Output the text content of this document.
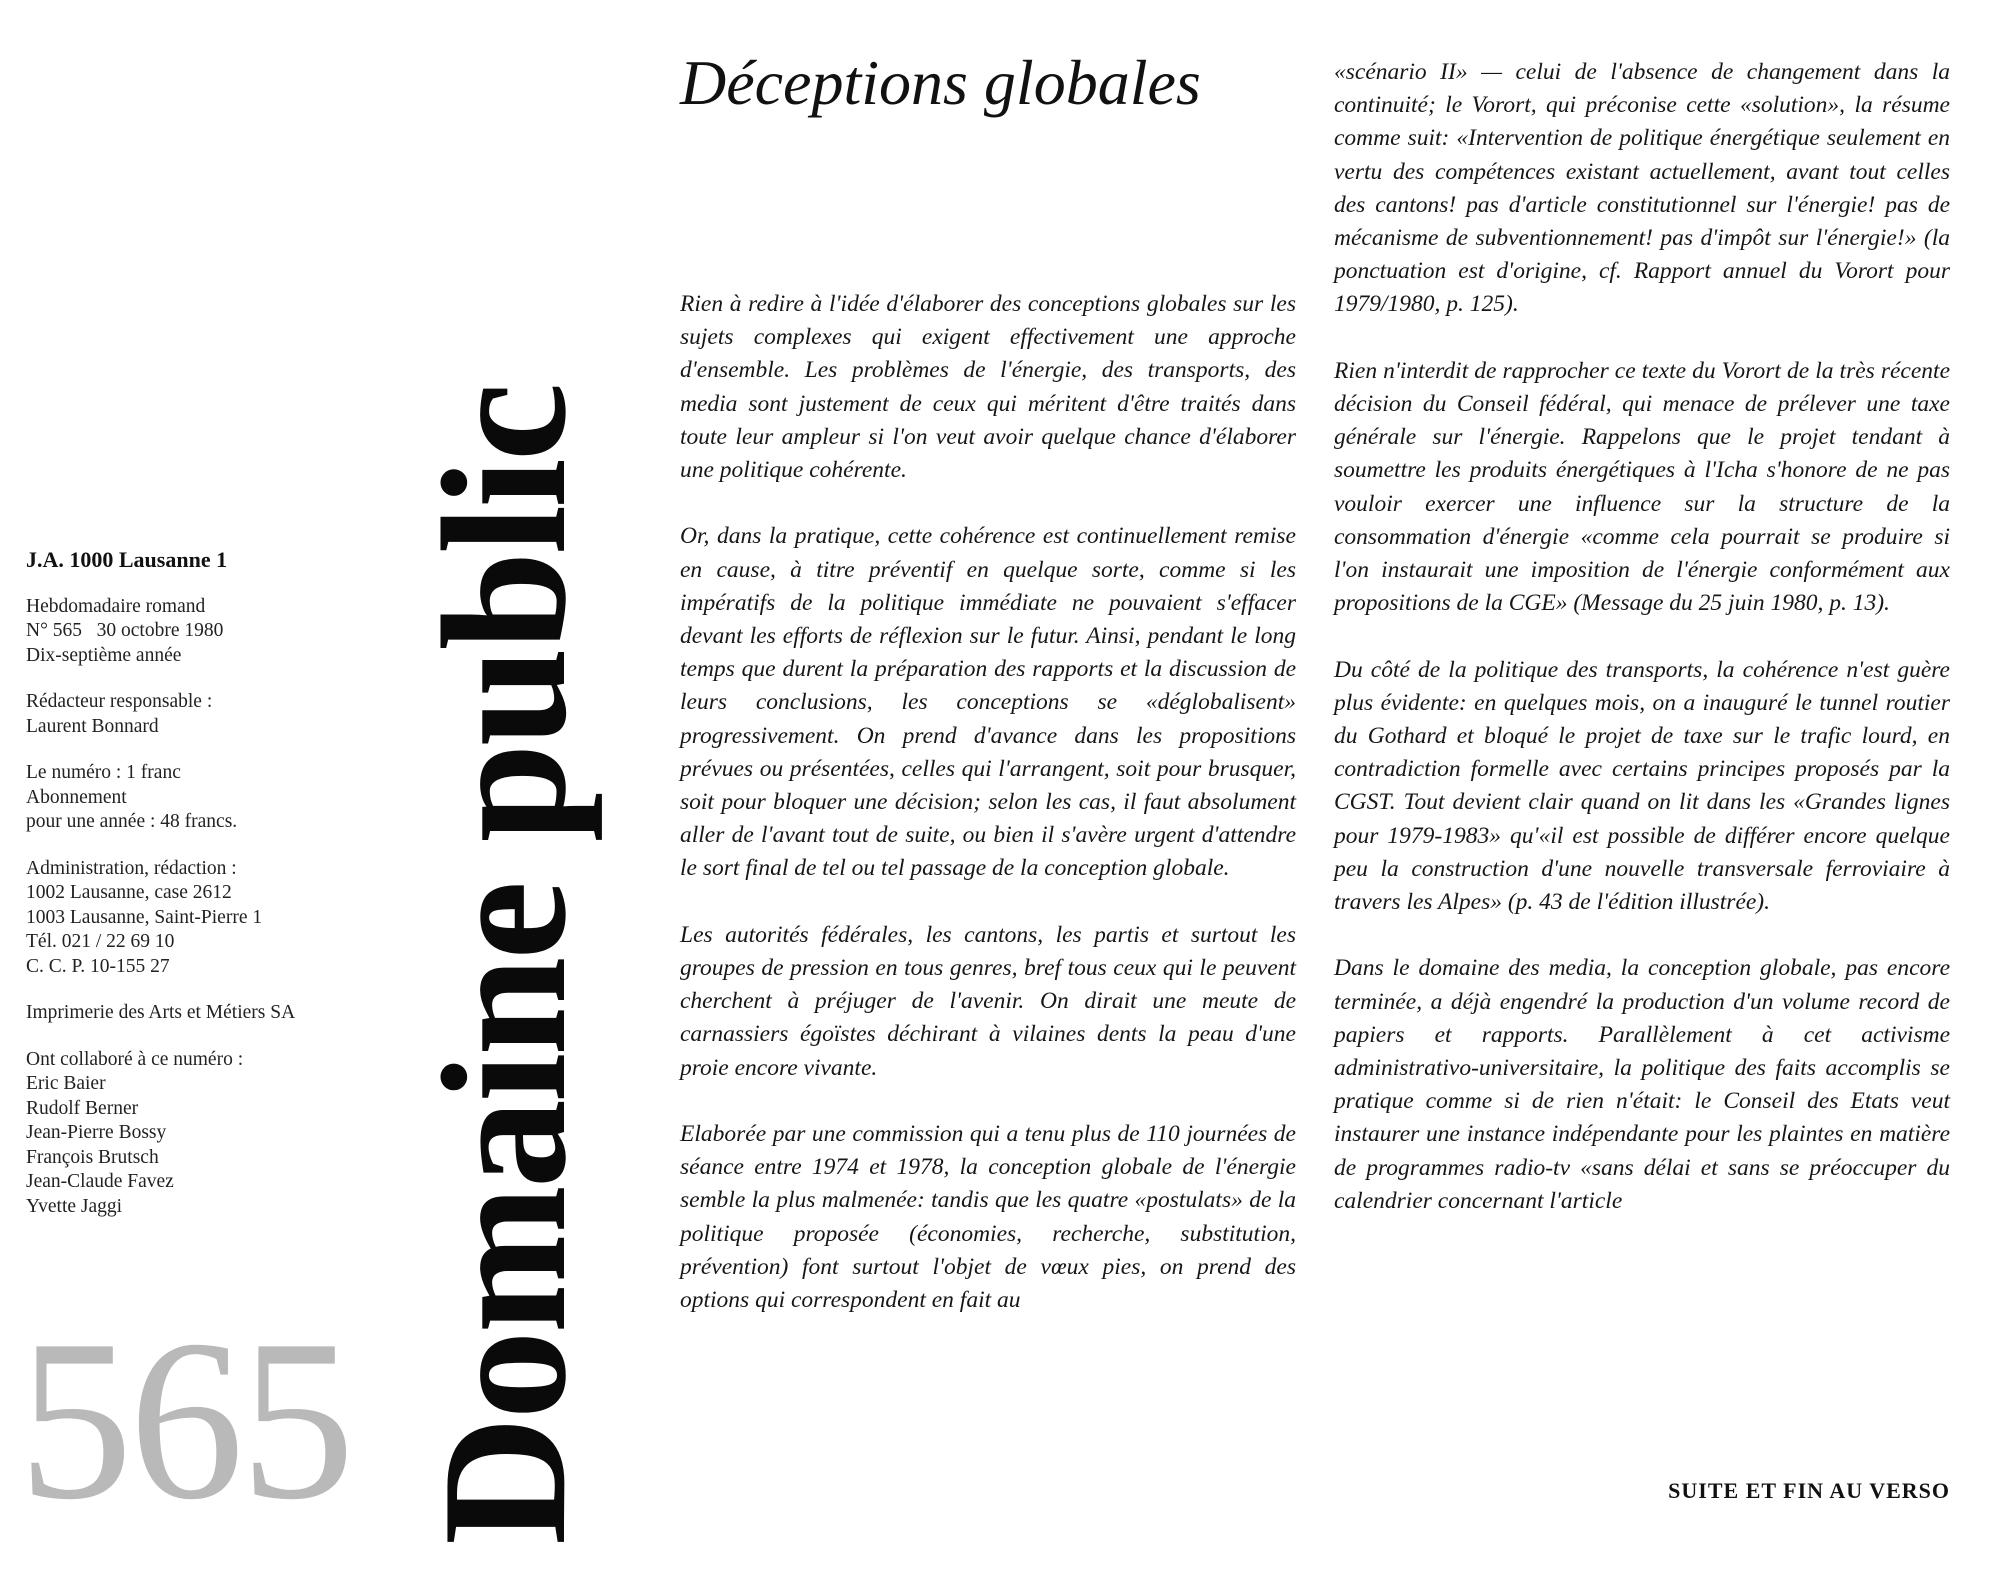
J.A. 1000 Lausanne 1
Hebdomadaire romand
N° 565   30 octobre 1980
Dix-septième année
Rédacteur responsable :
Laurent Bonnard
Le numéro : 1 franc
Abonnement
pour une année : 48 francs.
Administration, rédaction :
1002 Lausanne, case 2612
1003 Lausanne, Saint-Pierre 1
Tél. 021 / 22 69 10
C. C. P. 10-155 27
Imprimerie des Arts et Métiers SA
Ont collaboré à ce numéro :
Eric Baier
Rudolf Berner
Jean-Pierre Bossy
François Brutsch
Jean-Claude Favez
Yvette Jaggi
565 Domaine public
Déceptions globales

Rien à redire à l'idée d'élaborer des conceptions globales sur les sujets complexes qui exigent effectivement une approche d'ensemble. Les problèmes de l'énergie, des transports, des media sont justement de ceux qui méritent d'être traités dans toute leur ampleur si l'on veut avoir quelque chance d'élaborer une politique cohérente.

Or, dans la pratique, cette cohérence est continuellement remise en cause, à titre préventif en quelque sorte, comme si les impératifs de la politique immédiate ne pouvaient s'effacer devant les efforts de réflexion sur le futur. Ainsi, pendant le long temps que durent la préparation des rapports et la discussion de leurs conclusions, les conceptions se «déglobalisent» progressivement. On prend d'avance dans les propositions prévues ou présentées, celles qui l'arrangent, soit pour brusquer, soit pour bloquer une décision; selon les cas, il faut absolument aller de l'avant tout de suite, ou bien il s'avère urgent d'attendre le sort final de tel ou tel passage de la conception globale.

Les autorités fédérales, les cantons, les partis et surtout les groupes de pression en tous genres, bref tous ceux qui le peuvent cherchent à préjuger de l'avenir. On dirait une meute de carnassiers égoïstes déchirant à vilaines dents la peau d'une proie encore vivante.

Elaborée par une commission qui a tenu plus de 110 journées de séance entre 1974 et 1978, la conception globale de l'énergie semble la plus malmenée: tandis que les quatre «postulats» de la politique proposée (économies, recherche, substitution, prévention) font surtout l'objet de vœux pies, on prend des options qui correspondent en fait au

«scénario II» — celui de l'absence de changement dans la continuité; le Vorort, qui préconise cette «solution», la résume comme suit: «Intervention de politique énergétique seulement en vertu des compétences existant actuellement, avant tout celles des cantons! pas d'article constitutionnel sur l'énergie! pas de mécanisme de subventionnement! pas d'impôt sur l'énergie!» (la ponctuation est d'origine, cf. Rapport annuel du Vorort pour 1979/1980, p. 125).

Rien n'interdit de rapprocher ce texte du Vorort de la très récente décision du Conseil fédéral, qui menace de prélever une taxe générale sur l'énergie. Rappelons que le projet tendant à soumettre les produits énergétiques à l'Icha s'honore de ne pas vouloir exercer une influence sur la structure de la consommation d'énergie «comme cela pourrait se produire si l'on instaurait une imposition de l'énergie conformément aux propositions de la CGE» (Message du 25 juin 1980, p. 13).

Du côté de la politique des transports, la cohérence n'est guère plus évidente: en quelques mois, on a inauguré le tunnel routier du Gothard et bloqué le projet de taxe sur le trafic lourd, en contradiction formelle avec certains principes proposés par la CGST. Tout devient clair quand on lit dans les «Grandes lignes pour 1979-1983» qu'«il est possible de différer encore quelque peu la construction d'une nouvelle transversale ferroviaire à travers les Alpes» (p. 43 de l'édition illustrée).

Dans le domaine des media, la conception globale, pas encore terminée, a déjà engendré la production d'un volume record de papiers et rapports. Parallèlement à cet activisme administrativo-universitaire, la politique des faits accomplis se pratique comme si de rien n'était: le Conseil des Etats veut instaurer une instance indépendante pour les plaintes en matière de programmes radio-tv «sans délai et sans se préoccuper du calendrier concernant l'article

SUITE ET FIN AU VERSO
